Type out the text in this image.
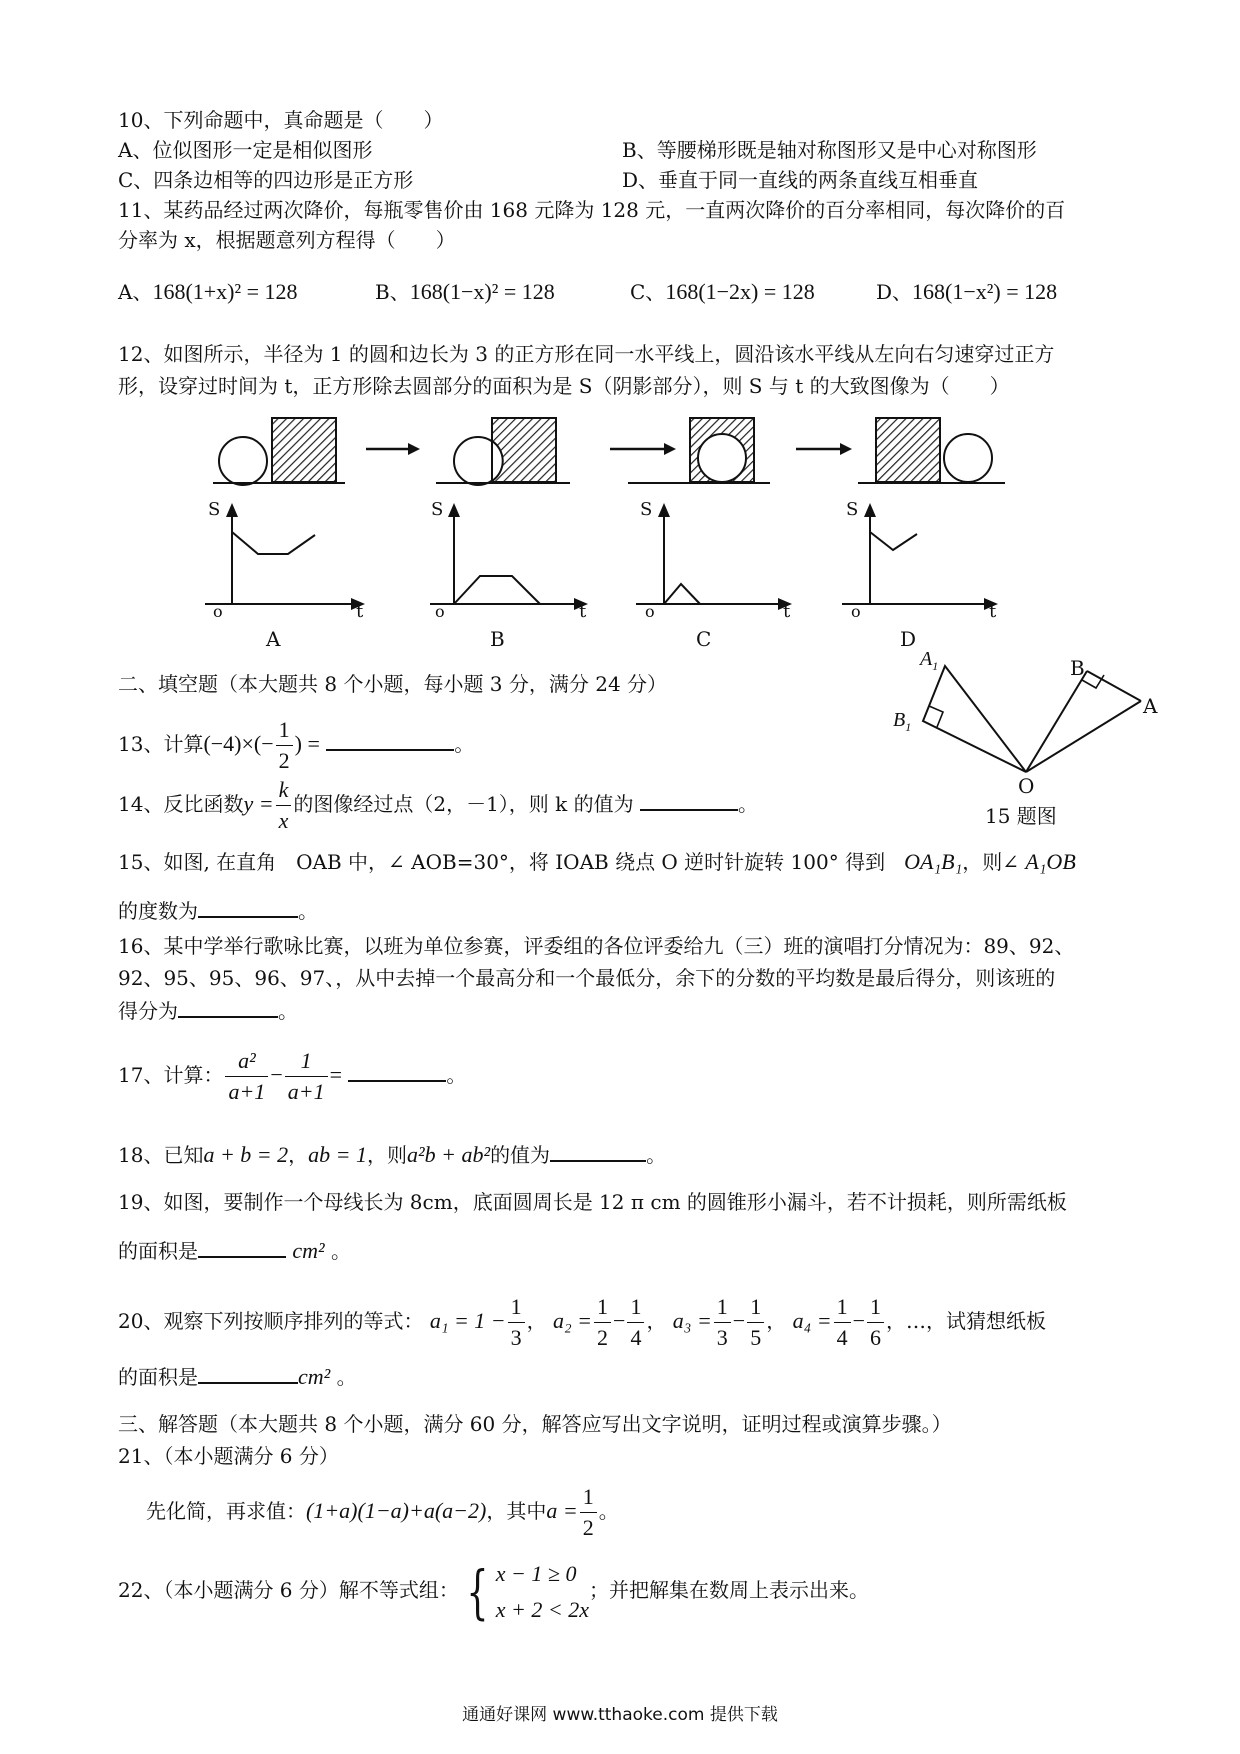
10、下列命题中，真命题是（　　）
A、位似图形一定是相似图形	B、等腰梯形既是轴对称图形又是中心对称图形
C、四条边相等的四边形是正方形	D、垂直于同一直线的两条直线互相垂直
11、某药品经过两次降价，每瓶零售价由 168 元降为 128 元，一直两次降价的百分率相同，每次降价的百
分率为 x，根据题意列方程得（　　）
A、168(1+x)² = 128	B、168(1−x)² = 128	C、168(1−2x) = 128	D、168(1−x²) = 128
12、如图所示，半径为 1 的圆和边长为 3 的正方形在同一水平线上，圆沿该水平线从左向右匀速穿过正方
形，设穿过时间为 t，正方形除去圆部分的面积为是 S（阴影部分），则 S 与 t 的大致图像为（　　）
S
o	t
A
S
o	t
B
S
o	t
C
S
o	t
D
$A_1$
$B_1$
B
A
O
15 题图
二、填空题（本大题共 8 个小题，每小题 3 分，满分 24 分）
13、计算$(-4)\times(- \frac{1}{2}$ ) =	。
14、反比函数$y = \frac{k}{x}$ 的图像经过点（2，－1），则 k 的值为	。
15、如图, 在直角　OAB 中，∠ AOB=30°，将 ⅠOAB 绕点 O 逆时针旋转 100° 得到 OA₁B₁，则∠ A₁OB
的度数为	。
16、某中学举行歌咏比赛，以班为单位参赛，评委组的各位评委给九（三）班的演唱打分情况为：89、92、
92、95、95、96、97、，从中去掉一个最高分和一个最低分，余下的分数的平均数是最后得分，则该班的
得分为	。
17、计算： $\frac{\text{a²}}{a+1} - \frac{1}{a+1}$ =	。
18、已知a + b = 2，ab = 1，则a²b + ab²的值为	。
19、如图，要制作一个母线长为 8cm，底面圆周长是 12 π cm 的圆锥形小漏斗，若不计损耗，则所需纸板
的面积是	cm² 。
20、观察下列按顺序排列的等式： $a_1 = 1 - \frac{1}{3}$ ， $a_2 = \frac{1}{2} - \frac{1}{4}$ ， $a_3 = \frac{1}{3} - \frac{1}{5}$ ， $a_4 = \frac{1}{4} - \frac{1}{6}$ ，…，试猜想纸板
的面积是	cm² 。
三、解答题（本大题共 8 个小题，满分 60 分，解答应写出文字说明，证明过程或演算步骤。）
21、（本小题满分 6 分）
先化简，再求值：(1+a)(1−a)+a(a−2)，其中$a = \frac{1}{2}$ 。
22、（本小题满分 6 分）解不等式组： { x − 1 ≥ 0
x + 2 < 2x
；并把解集在数周上表示出来。
通通好课网 www.tthaoke.com 提供下载
